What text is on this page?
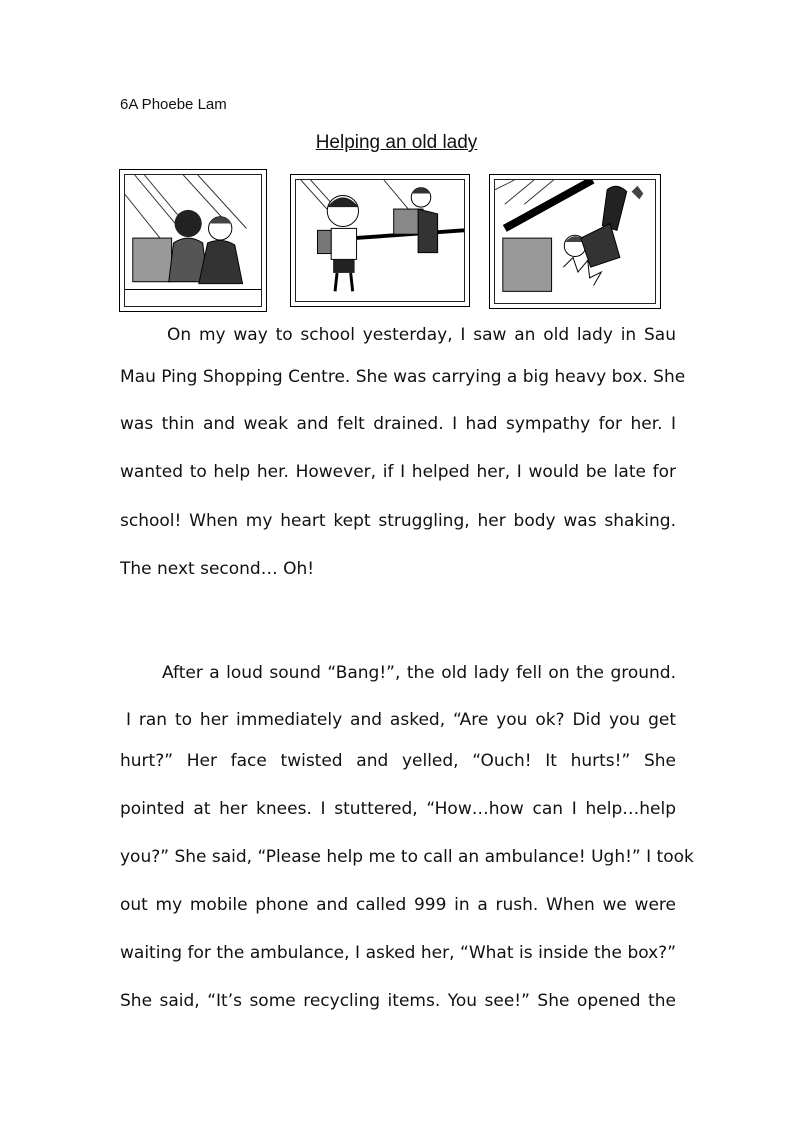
6A Phoebe Lam
Helping an old lady
On my way to school yesterday, I saw an old lady in Sau
Mau Ping Shopping Centre. She was carrying a big heavy box. She
was thin and weak and felt drained. I had sympathy for her. I
wanted to help her. However, if I helped her, I would be late for
school! When my heart kept struggling, her body was shaking.
The next second… Oh!
After a loud sound “Bang!”, the old lady fell on the ground.
I ran to her immediately and asked, “Are you ok? Did you get
hurt?” Her face twisted and yelled, “Ouch! It hurts!” She
pointed at her knees. I stuttered, “How…how can I help…help
you?” She said, “Please help me to call an ambulance! Ugh!” I took
out my mobile phone and called 999 in a rush. When we were
waiting for the ambulance, I asked her, “What is inside the box?”
She said, “It’s some recycling items. You see!” She opened the
